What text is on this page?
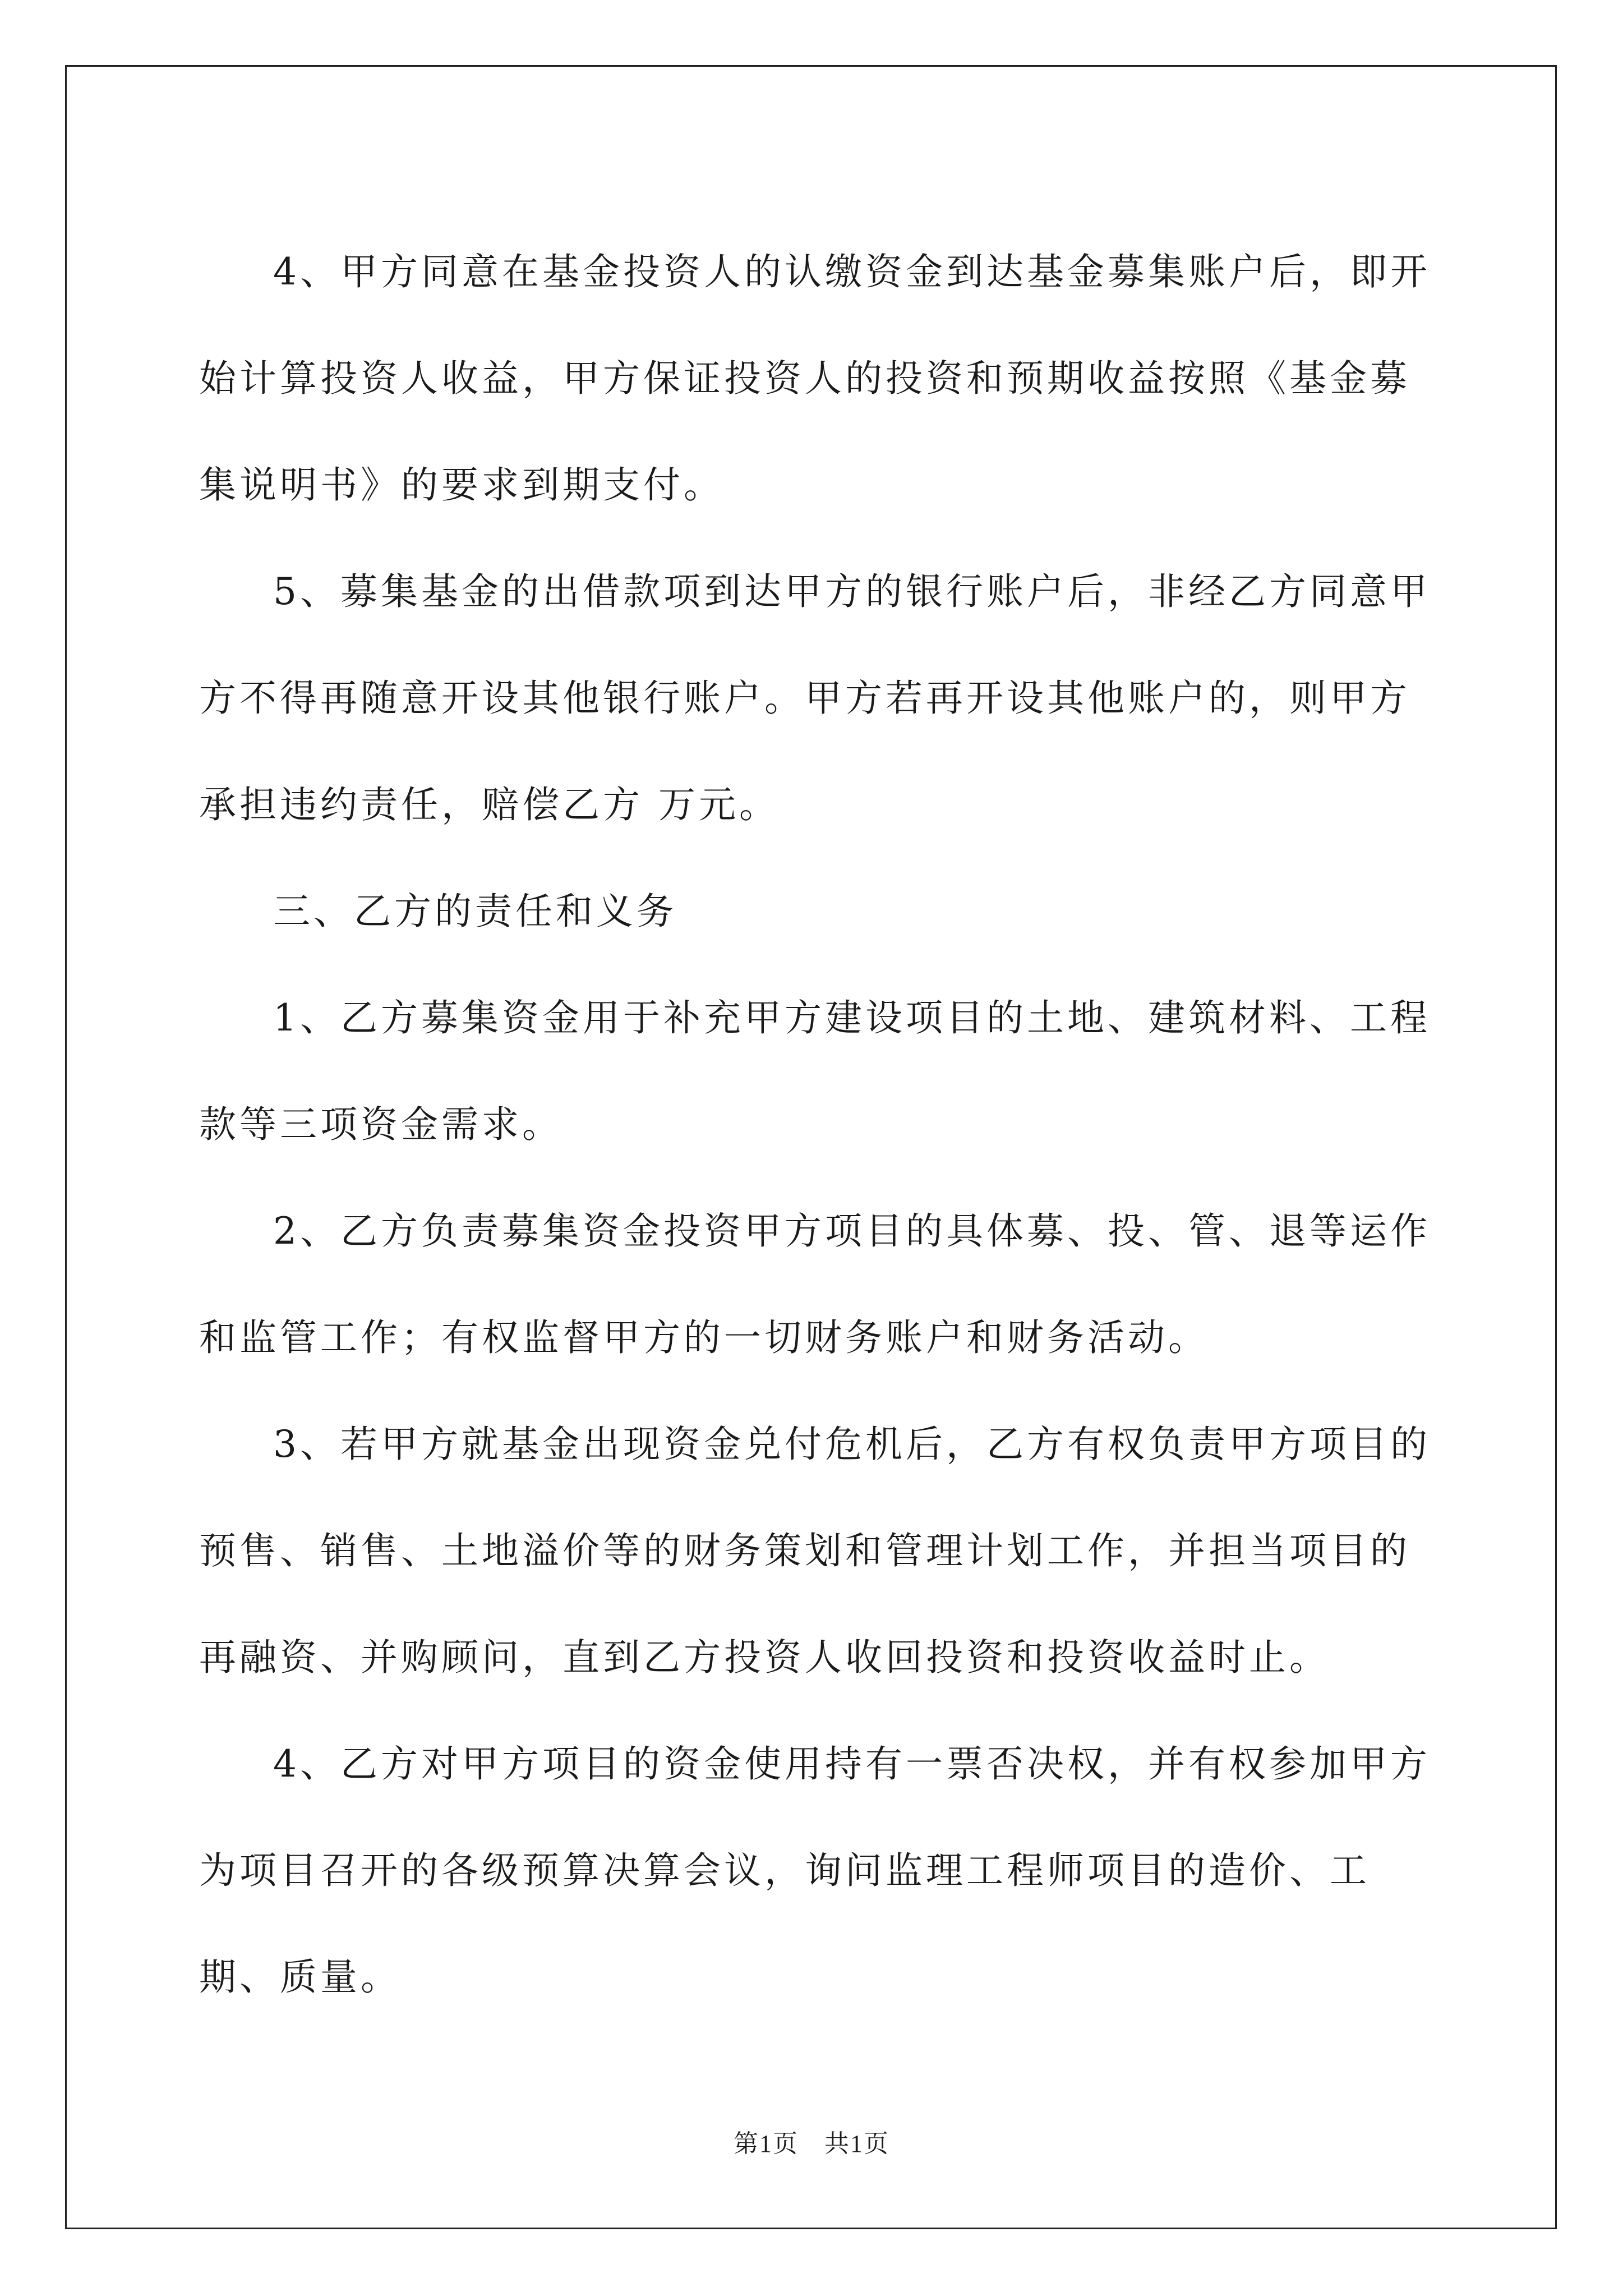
4、甲方同意在基金投资人的认缴资金到达基金募集账户后，即开始计算投资人收益，甲方保证投资人的投资和预期收益按照《基金募集说明书》的要求到期支付。

5、募集基金的出借款项到达甲方的银行账户后，非经乙方同意甲方不得再随意开设其他银行账户。甲方若再开设其他账户的，则甲方承担违约责任，赔偿乙方 万元。

三、乙方的责任和义务

1、乙方募集资金用于补充甲方建设项目的土地、建筑材料、工程款等三项资金需求。

2、乙方负责募集资金投资甲方项目的具体募、投、管、退等运作和监管工作；有权监督甲方的一切财务账户和财务活动。

3、若甲方就基金出现资金兑付危机后，乙方有权负责甲方项目的预售、销售、土地溢价等的财务策划和管理计划工作，并担当项目的再融资、并购顾问，直到乙方投资人收回投资和投资收益时止。

4、乙方对甲方项目的资金使用持有一票否决权，并有权参加甲方为项目召开的各级预算决算会议，询问监理工程师项目的造价、工期、质量。

第1页　共1页
